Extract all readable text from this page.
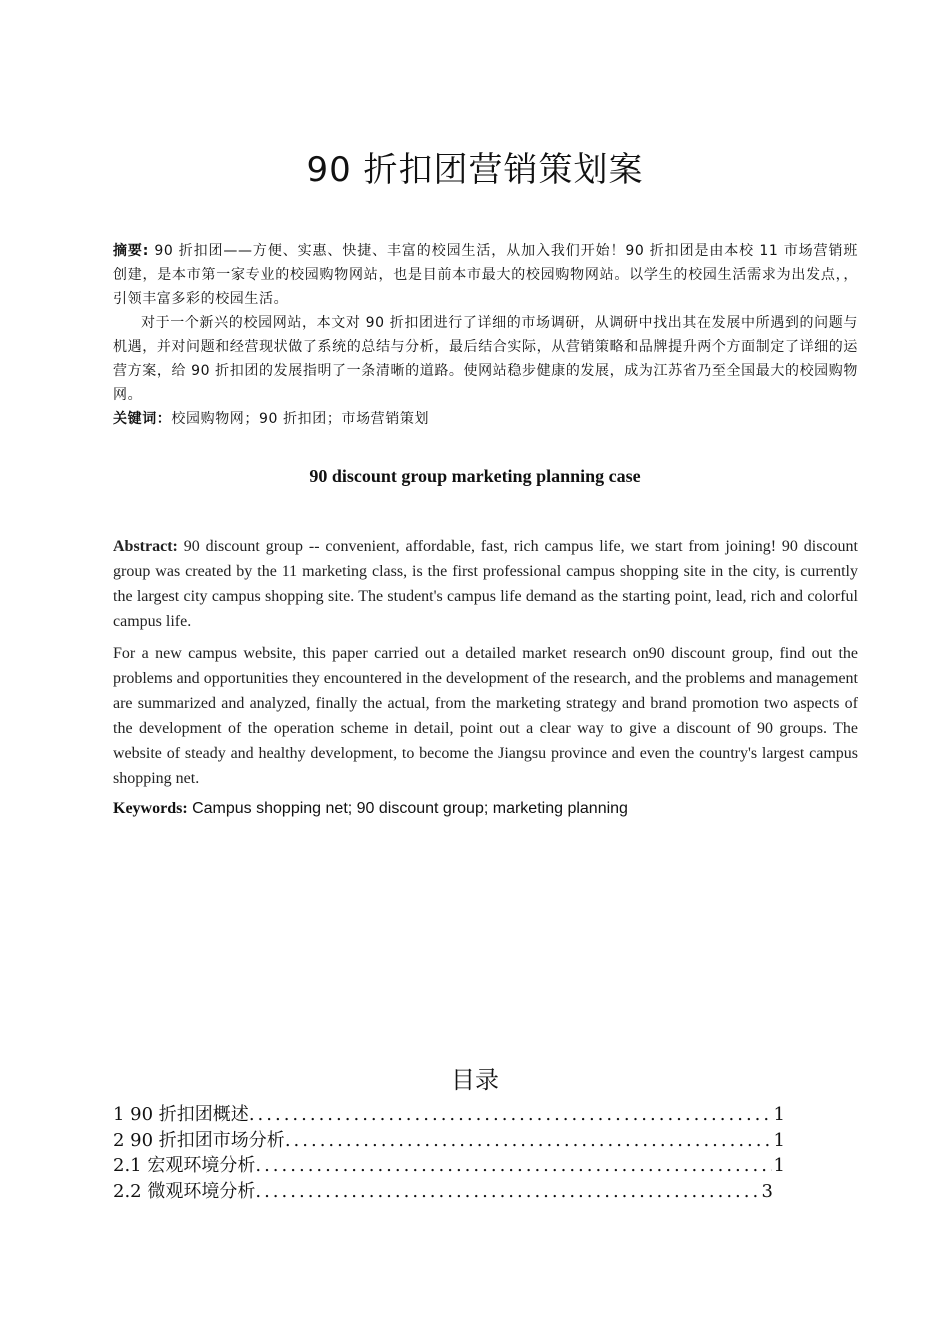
90 折扣团营销策划案

摘要: 90 折扣团——方便、实惠、快捷、丰富的校园生活，从加入我们开始！90 折扣团是由本校 11 市场营销班创建，是本市第一家专业的校园购物网站，也是目前本市最大的校园购物网站。以学生的校园生活需求为出发点，，引领丰富多彩的校园生活。

对于一个新兴的校园网站，本文对 90 折扣团进行了详细的市场调研，从调研中找出其在发展中所遇到的问题与机遇，并对问题和经营现状做了系统的总结与分析，最后结合实际，从营销策略和品牌提升两个方面制定了详细的运营方案，给 90 折扣团的发展指明了一条清晰的道路。使网站稳步健康的发展，成为江苏省乃至全国最大的校园购物网。

关键词：校园购物网；90 折扣团；市场营销策划

90 discount group marketing planning case

Abstract: 90 discount group -- convenient, affordable, fast, rich campus life, we start from joining! 90 discount group was created by the 11 marketing class, is the first professional campus shopping site in the city, is currently the largest city campus shopping site. The student's campus life demand as the starting point, lead, rich and colorful campus life.

For a new campus website, this paper carried out a detailed market research on90 discount group, find out the problems and opportunities they encountered in the development of the research, and the problems and management are summarized and analyzed, finally the actual, from the marketing strategy and brand promotion two aspects of the development of the operation scheme in detail, point out a clear way to give a discount of 90 groups. The website of steady and healthy development, to become the Jiangsu province and even the country's largest campus shopping net.

Keywords: Campus shopping net; 90 discount group; marketing planning
目录
1 90 折扣团概述 .....	1
2 90 折扣团市场分析 .....	1
2.1 宏观环境分析 .....	1
2.2 微观环境分析 .....	3
